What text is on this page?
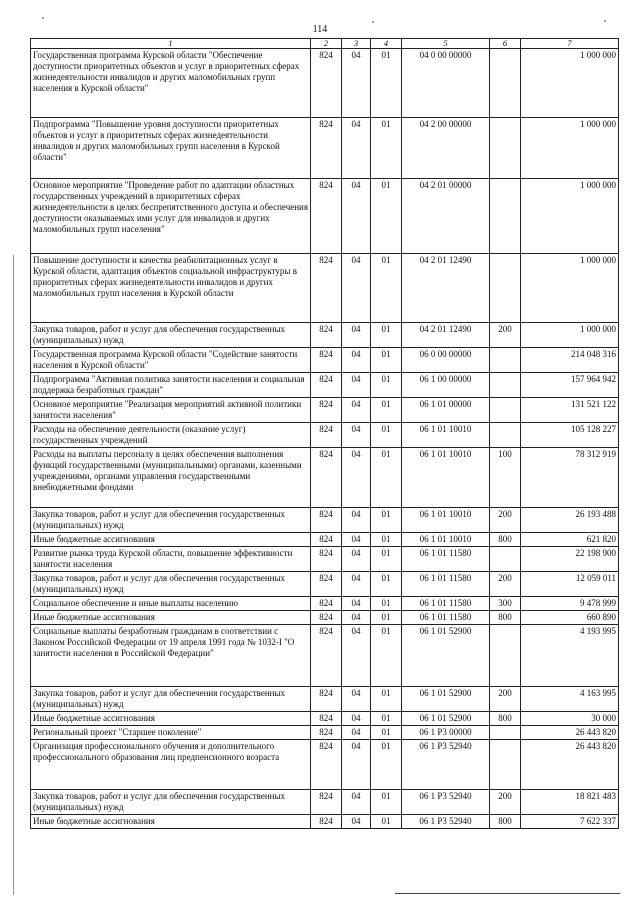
114
1	2	3	4	5	6	7
Государственная программа Курской области "Обеспечение доступности приоритетных объектов и услуг в приоритетных сферах жизнедеятельности инвалидов и других маломобильных групп населения в Курской области"	824	04	01	04 0 00 00000		1 000 000
Подпрограмма "Повышение уровня доступности приоритетных объектов и услуг в приоритетных сферах жизнедеятельности инвалидов и других маломобильных групп населения в Курской области"	824	04	01	04 2 00 00000		1 000 000
Основное мероприятие "Проведение работ по адаптации областных государственных учреждений в приоритетных сферах жизнедеятельности в целях беспрепятственного доступа и обеспечения доступности оказываемых ими услуг для инвалидов и других маломобильных групп населения"	824	04	01	04 2 01 00000		1 000 000
Повышение доступности и качества реабилитационных услуг в Курской области, адаптация объектов социальной инфраструктуры в приоритетных сферах жизнедеятельности инвалидов и других маломобильных групп населения в Курской области	824	04	01	04 2 01 12490		1 000 000
Закупка товаров, работ и услуг для обеспечения государственных (муниципальных) нужд	824	04	01	04 2 01 12490	200	1 000 000
Государственная программа Курской области "Содействие занятости населения в Курской области"	824	04	01	06 0 00 00000		214 048 316
Подпрограмма "Активная политика занятости населения и социальная поддержка безработных граждан"	824	04	01	06 1 00 00000		157 964 942
Основное мероприятие "Реализация мероприятий активной политики занятости населения"	824	04	01	06 1 01 00000		131 521 122
Расходы на обеспечение деятельности (оказание услуг) государственных учреждений	824	04	01	06 1 01 10010		105 128 227
Расходы на выплаты персоналу в целях обеспечения выполнения функций государственными (муниципальными) органами, казенными учреждениями, органами управления государственными внебюджетными фондами	824	04	01	06 1 01 10010	100	78 312 919
Закупка товаров, работ и услуг для обеспечения государственных (муниципальных) нужд	824	04	01	06 1 01 10010	200	26 193 488
Иные бюджетные ассигнования	824	04	01	06 1 01 10010	800	621 820
Развитие рынка труда Курской области, повышение эффективности занятости населения	824	04	01	06 1 01 11580		22 198 900
Закупка товаров, работ и услуг для обеспечения государственных (муниципальных) нужд	824	04	01	06 1 01 11580	200	12 059 011
Социальное обеспечение и иные выплаты населению	824	04	01	06 1 01 11580	300	9 478 999
Иные бюджетные ассигнования	824	04	01	06 1 01 11580	800	660 890
Социальные выплаты безработным гражданам в соответствии с Законом Российской Федерации от 19 апреля 1991 года № 1032-I "О занятости населения в Российской Федерации"	824	04	01	06 1 01 52900		4 193 995
Закупка товаров, работ и услуг для обеспечения государственных (муниципальных) нужд	824	04	01	06 1 01 52900	200	4 163 995
Иные бюджетные ассигнования	824	04	01	06 1 01 52900	800	30 000
Региональный проект "Старшее поколение"	824	04	01	06 1 P3 00000		26 443 820
Организация профессионального обучения и дополнительного профессионального образования лиц предпенсионного возраста	824	04	01	06 1 P3 52940		26 443 820
Закупка товаров, работ и услуг для обеспечения государственных (муниципальных) нужд	824	04	01	06 1 P3 52940	200	18 821 483
Иные бюджетные ассигнования	824	04	01	06 1 P3 52940	800	7 622 337
